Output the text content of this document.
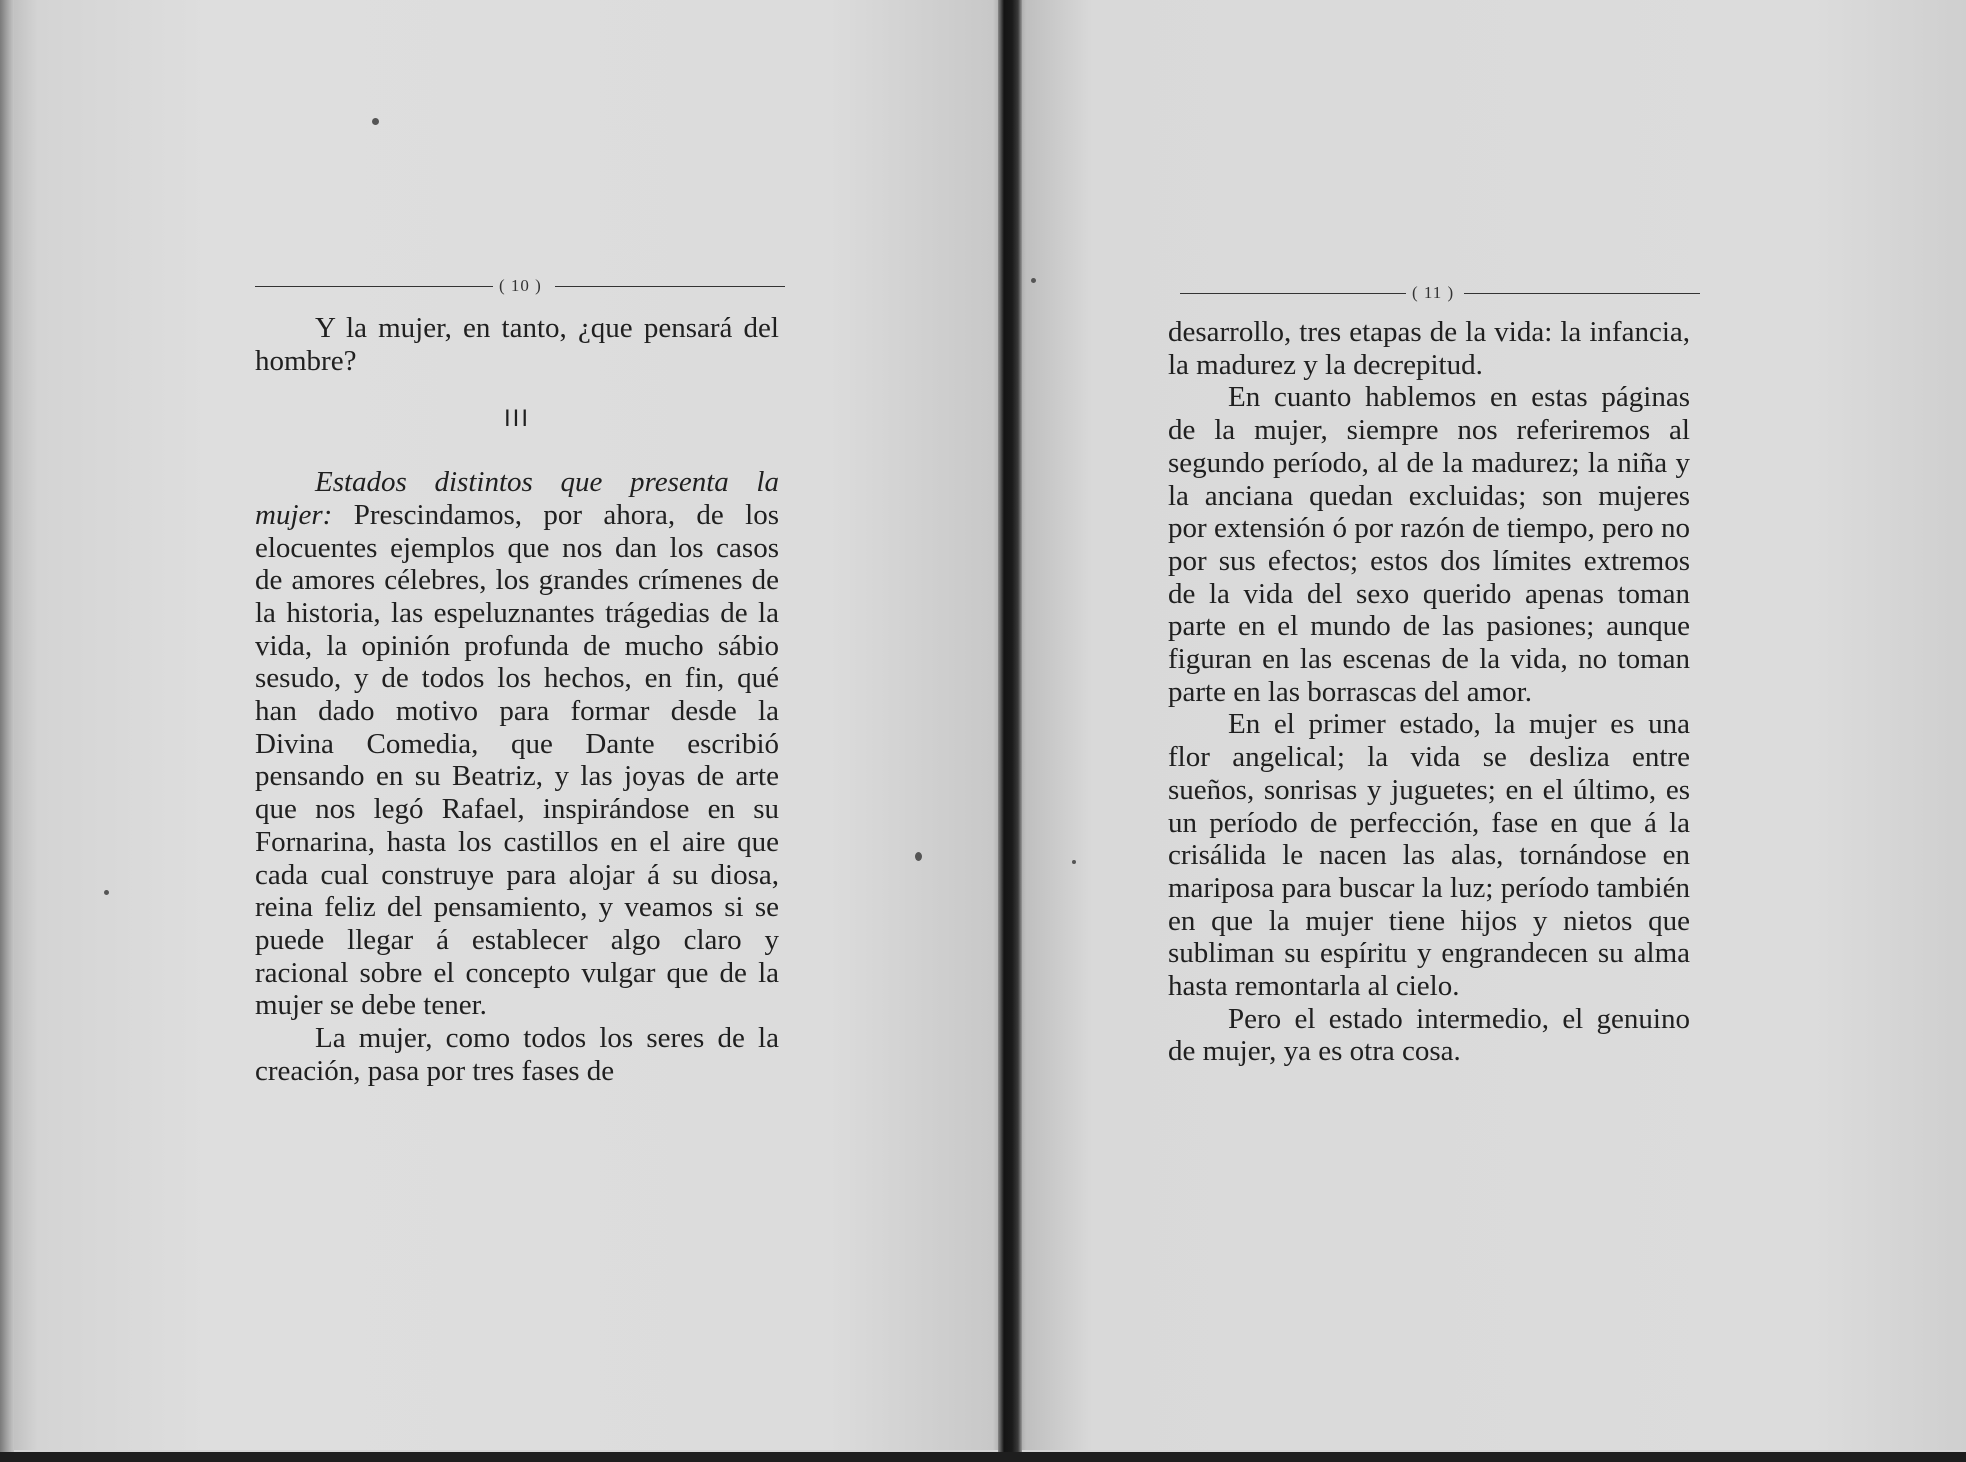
( 10 )

Y la mujer, en tanto, ¿que pensará del hombre?

III

Estados distintos que presenta la mujer: Prescindamos, por ahora, de los elocuentes ejemplos que nos dan los casos de amores célebres, los grandes crímenes de la historia, las espeluznantes trágedias de la vida, la opinión profunda de mucho sábio sesudo, y de todos los hechos, en fin, qué han dado motivo para formar desde la Divina Comedia, que Dante escribió pensando en su Beatriz, y las joyas de arte que nos legó Rafael, inspirándose en su Fornarina, hasta los castillos en el aire que cada cual construye para alojar á su diosa, reina feliz del pensamiento, y veamos si se puede llegar á establecer algo claro y racional sobre el concepto vulgar que de la mujer se debe tener.

La mujer, como todos los seres de la creación, pasa por tres fases de

( 11 )

desarrollo, tres etapas de la vida: la infancia, la madurez y la decrepitud.

En cuanto hablemos en estas páginas de la mujer, siempre nos referiremos al segundo período, al de la madurez; la niña y la anciana quedan excluidas; son mujeres por extensión ó por razón de tiempo, pero no por sus efectos; estos dos límites extremos de la vida del sexo querido apenas toman parte en el mundo de las pasiones; aunque figuran en las escenas de la vida, no toman parte en las borrascas del amor.

En el primer estado, la mujer es una flor angelical; la vida se desliza entre sueños, sonrisas y juguetes; en el último, es un período de perfección, fase en que á la crisálida le nacen las alas, tornándose en mariposa para buscar la luz; período también en que la mujer tiene hijos y nietos que subliman su espíritu y engrandecen su alma hasta remontarla al cielo.

Pero el estado intermedio, el genuino de mujer, ya es otra cosa.
